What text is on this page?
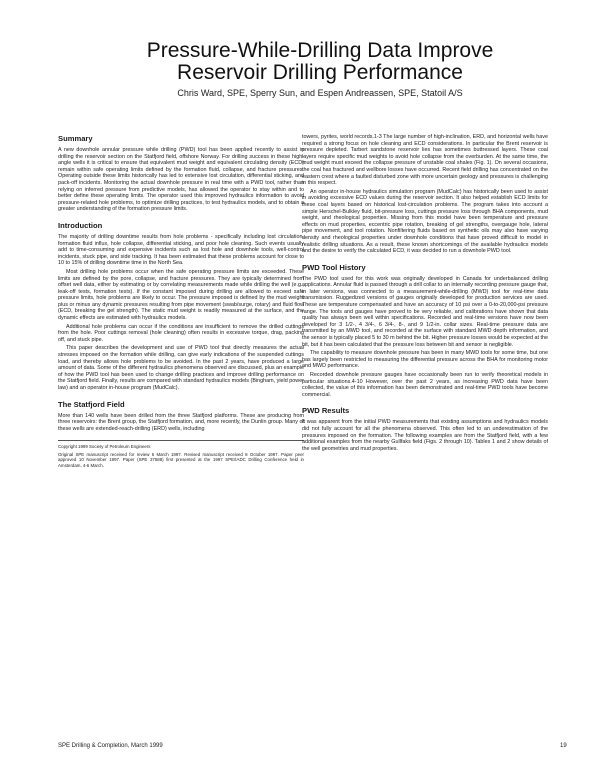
Pressure-While-Drilling Data Improve
Reservoir Drilling Performance
Chris Ward, SPE, Sperry Sun, and Espen Andreassen, SPE, Statoil A/S
Summary

A new downhole annular pressure while drilling (PWD) tool has been applied recently to assist in drilling the reservoir section on the Statfjord field, offshore Norway. For drilling success in these high-angle wells it is critical to ensure that equivalent mud weight and equivalent circulating density (ECD) remain within safe operating limits defined by the formation fluid, collapse, and fracture pressures. Operating outside these limits historically has led to extensive lost circulation, differential sticking, and pack-off incidents. Monitoring the actual downhole pressure in real time with a PWD tool, rather than relying on inferred pressure from predictive models, has allowed the operator to stay within and to better define these operating limits. The operator used this improved hydraulics information to avoid pressure-related hole problems, to optimize drilling practices, to test hydraulics models, and to obtain a greater understanding of the formation pressure limits.

Introduction

The majority of drilling downtime results from hole problems ‑ specifically including lost circulation, formation fluid influx, hole collapse, differential sticking, and poor hole cleaning. Such events usually add to time-consuming and expensive incidents such as lost hole and downhole tools, well-control incidents, stuck pipe, and side tracking. It has been estimated that these problems account for close to 10 to 15% of drilling downtime time in the North Sea.

Most drilling hole problems occur when the safe operating pressure limits are exceeded. These limits are defined by the pore, collapse, and fracture pressures. They are typically determined from offset well data, either by estimating or by correlating measurements made while drilling the well (e.g., leak-off tests, formation tests). If the constant imposed during drilling are allowed to exceed safe pressure limits, hole problems are likely to occur. The pressure imposed is defined by the mud weight plus or minus any dynamic pressures resulting from pipe movement (swab/surge, rotary) and fluid flow (ECD, breaking the gel strength). The static mud weight is readily measured at the surface, and the dynamic effects are estimated with hydraulics models.

Additional hole problems can occur if the conditions are insufficient to remove the drilled cuttings from the hole. Poor cuttings removal (hole cleaning) often results in excessive torque, drag, packing off, and stuck pipe.

This paper describes the development and use of PWD tool that directly measures the actual stresses imposed on the formation while drilling, can give early indications of the suspended cuttings load, and thereby allows hole problems to be avoided. In the past 2 years, have produced a large amount of data. Some of the different hydraulics phenomena observed are discussed, plus an example of how the PWD tool has been used to change drilling practices and improve drilling performance on the Statfjord field. Finally, results are compared with standard hydraulics models (Bingham, yield power law) and an operator in-house program (MudCalc).

The Statfjord Field

More than 140 wells have been drilled from the three Statfjord platforms. These are producing from three reservoirs: the Brent group, the Statfjord formation, and, more recently, the Dunlin group. Many of these wells are extended-reach-drilling (ERD) wells, including

Copyright 1999 Society of Petroleum Engineers

Original SPE manuscript received for review 6 March 1997. Revised manuscript received 8 October 1997. Paper peer approved 10 November 1997. Paper (SPE 37588) first presented at the 1997 SPE/IADC Drilling Conference held in Amsterdam, 4-6 March.

towers, pyrites, world records.1-3 The large number of high-inclination, ERD, and horizontal wells have required a strong focus on hole cleaning and ECD considerations. In particular the Brent reservoir is pressure depleted. Tarbert sandstone reservoir lies has sometimes buttressed layers. These coal layers require specific mud weights to avoid hole collapse from the overburden. At the same time, the mud weight must exceed the collapse pressure of unstable coal shales (Fig. 1). On several occasions, the coal has fractured and wellbore losses have occurred. Recent field drilling has concentrated on the eastern crest where a faulted disturbed zone with more uncertain geology and pressures is challenging in this respect.

An operator in-house hydraulics simulation program (MudCalc) has historically been used to assist in avoiding excessive ECD values during the reservoir section. It also helped establish ECD limits for these coal layers based on historical lost-circulation problems. The program takes into account a simple Herschel-Bulkley fluid, bit-pressure loss, cuttings pressure loss through BHA components, mud weight, and rheological properties. Missing from this model have been temperature and pressure effects on mud properties, eccentric pipe rotation, breaking of gel strengths, overgauge hole, lateral pipe movement, and tool rotation. Nonfiltering fluids based on synthetic oils may also have varying density and rheological properties under downhole conditions that have proved difficult to model in realistic drilling situations. As a result, these known shortcomings of the available hydraulics models and the desire to verify the calculated ECD, it was decided to run a downhole PWD tool.

PWD Tool History

The PWD tool used for this work was originally developed in Canada for underbalanced drilling applications. Annular fluid is passed through a drill collar to an internally recording pressure gauge that, in later versions, was connected to a measurement-while-drilling (MWD) tool for real-time data transmission. Ruggedized versions of gauges originally developed for production services are used. These are temperature compensated and have an accuracy of 10 psi over a 0-to-20,000-psi pressure range. The tools and gauges have proved to be very reliable, and calibrations have shown that data quality has always been well within specifications. Recorded and real-time versions have now been developed for 3 1/2-, 4 3/4-, 6 3/4-, 8-, and 9 1/2-in. collar sizes. Real-time pressure data are transmitted by an MWD tool, and recorded at the surface with standard MWD depth information, and the sensor is typically placed 5 to 30 m behind the bit. Higher pressure losses would be expected at the bit, but it has been calculated that the pressure loss between bit and sensor is negligible.

The capability to measure downhole pressure has been in many MWD tools for some time, but one has largely been restricted to measuring the differential pressure across the BHA for monitoring motor and MWD performance.

Recorded downhole pressure gauges have occasionally been run to verify theoretical models in particular situations.4-10 However, over the past 2 years, as increasing PWD data have been collected, the value of this information has been demonstrated and real-time PWD tools have become commercial.

PWD Results

It was apparent from the initial PWD measurements that existing assumptions and hydraulics models did not fully account for all the phenomena observed. This often led to an underestimation of the pressures imposed on the formation. The following examples are from the Statfjord field, with a few additional examples from the nearby Gullfaks field (Figs. 2 through 10). Tables 1 and 2 show details of the well geometries and mud properties.

SPE Drilling & Completion, March 1999	19
